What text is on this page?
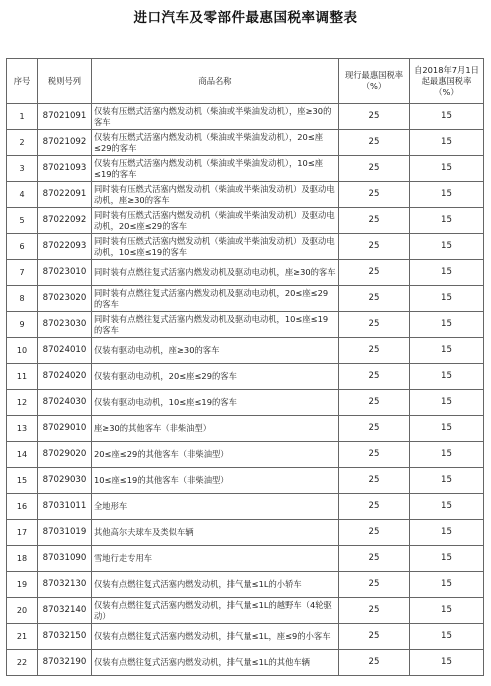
进口汽车及零部件最惠国税率调整表
序号	税则号列	商品名称	现行最惠国税率（%）	自2018年7月1日起最惠国税率（%）
1	87021091	仅装有压燃式活塞内燃发动机（柴油或半柴油发动机），座≥30的客车	25	15
2	87021092	仅装有压燃式活塞内燃发动机（柴油或半柴油发动机），20≤座≤29的客车	25	15
3	87021093	仅装有压燃式活塞内燃发动机（柴油或半柴油发动机），10≤座≤19的客车	25	15
4	87022091	同时装有压燃式活塞内燃发动机（柴油或半柴油发动机）及驱动电动机，座≥30的客车	25	15
5	87022092	同时装有压燃式活塞内燃发动机（柴油或半柴油发动机）及驱动电动机，20≤座≤29的客车	25	15
6	87022093	同时装有压燃式活塞内燃发动机（柴油或半柴油发动机）及驱动电动机，10≤座≤19的客车	25	15
7	87023010	同时装有点燃往复式活塞内燃发动机及驱动电动机，座≥30的客车	25	15
8	87023020	同时装有点燃往复式活塞内燃发动机及驱动电动机，20≤座≤29的客车	25	15
9	87023030	同时装有点燃往复式活塞内燃发动机及驱动电动机，10≤座≤19的客车	25	15
10	87024010	仅装有驱动电动机，座≥30的客车	25	15
11	87024020	仅装有驱动电动机，20≤座≤29的客车	25	15
12	87024030	仅装有驱动电动机，10≤座≤19的客车	25	15
13	87029010	座≥30的其他客车（非柴油型）	25	15
14	87029020	20≤座≤29的其他客车（非柴油型）	25	15
15	87029030	10≤座≤19的其他客车（非柴油型）	25	15
16	87031011	全地形车	25	15
17	87031019	其他高尔夫球车及类似车辆	25	15
18	87031090	雪地行走专用车	25	15
19	87032130	仅装有点燃往复式活塞内燃发动机，排气量≤1L的小轿车	25	15
20	87032140	仅装有点燃往复式活塞内燃发动机，排气量≤1L的越野车（4轮驱动）	25	15
21	87032150	仅装有点燃往复式活塞内燃发动机，排气量≤1L，座≤9的小客车	25	15
22	87032190	仅装有点燃往复式活塞内燃发动机，排气量≤1L的其他车辆	25	15
